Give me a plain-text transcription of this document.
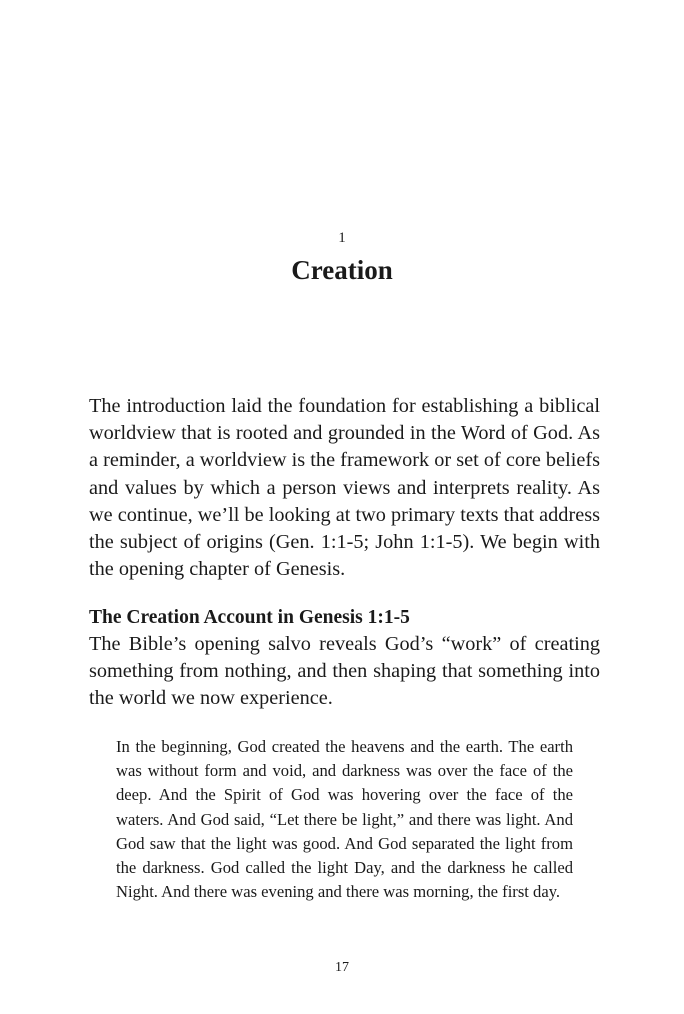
1
Creation

The introduction laid the foundation for establishing a biblical worldview that is rooted and grounded in the Word of God. As a reminder, a worldview is the framework or set of core beliefs and values by which a person views and interprets reality. As we continue, we’ll be looking at two primary texts that address the subject of origins (Gen. 1:1-5; John 1:1-5). We begin with the opening chapter of Genesis.

The Creation Account in Genesis 1:1-5

The Bible’s opening salvo reveals God’s “work” of creating something from nothing, and then shaping that something into the world we now experience.

In the beginning, God created the heavens and the earth. The earth was without form and void, and darkness was over the face of the deep. And the Spirit of God was hovering over the face of the waters. And God said, “Let there be light,” and there was light. And God saw that the light was good. And God separated the light from the darkness. God called the light Day, and the darkness he called Night. And there was evening and there was morning, the first day.
17
